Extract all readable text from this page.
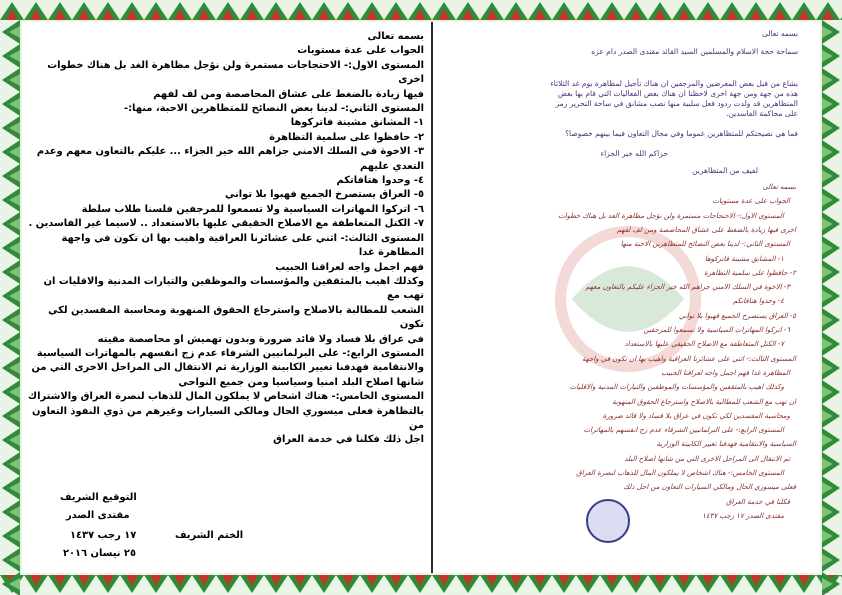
بسمه تعالى
سماحة حجة الاسلام والمسلمين السيد القائد مقتدى الصدر دام عزه
يشاع من قبل بعض المغرضين والمرجفين ان هناك تأجيل لمظاهرة يوم غد الثلاثاء
هذه من جهة ومن جهة اخرى لاحظنا ان هناك بعض الفعاليات التي قام بها بعض
المتظاهرين قد ولدت ردود فعل سلبية منها نصب مشانق في ساحة التحرير رمز
على محاكمة الفاسدين.
فما هي نصيحتكم للمتظاهرين عموما وفي مجال التعاون فيما بينهم خصوصا؟
جزاكم الله خير الجزاء
لفيف من المتظاهرين
بسمه تعالى
الجواب على عدة مستويات
المستوى الاول:- الاحتجاجات مستمرة ولن نؤجل مظاهرة الغد بل هناك خطوات
اخرى فيها زيادة بالضغط على عشاق المحاصصة ومن لف لفهم
المستوى الثاني:- لدينا بعض النصائح للمتظاهرين الاحبة منها
١- المشانق مشينة فاتركوها
٢- حافظوا على سلمية التظاهرة
٣- الاخوة في السلك الامني جزاهم الله خير الجزاء عليكم بالتعاون معهم
٤- وحدوا هتافاتكم
٥- العراق يستصرخ الجميع فهبوا بلا تواني
٦- اتركوا المهاترات السياسية ولا تسمعوا للمرجفين
٧- الكتل المتعاطفة مع الاصلاح الحقيقي عليها بالاستعداد
المستوى الثالث:- اثني على عشائرنا العراقية واهيب بها ان تكون في واجهة
المظاهرة غدا فهم اجمل واجه لعراقنا الحبيب
وكذلك اهيب بالمثقفين والمؤسسات والموظفين والتيارات المدنية والاقليات
ان تهب مع الشعب للمطالبة بالاصلاح واسترجاع الحقوق المنهوبة
ومحاسبة المفسدين لكي تكون في عراق بلا فساد ولا قائد ضرورة
المستوى الرابع:- على البرلمانيين الشرفاء عدم زج انفسهم بالمهاترات
السياسية والانتقامية فهدفنا تغيير الكابينة الوزارية
ثم الانتقال الى المراحل الاخرى التي من شانها اصلاح البلد
المستوى الخامس:- هناك اشخاص لا يملكون المال للذهاب لنصرة العراق
فعلى ميسوري الحال ومالكي السيارات التعاون من اجل ذلك
فكلنا في خدمة العراق
مقتدى الصدر ١٧ رجب ١٤٣٧

بسمه تعالى

الجواب على عدة مستويات

المستوى الاول:- الاحتجاجات مستمرة ولن نؤجل مظاهرة الغد بل هناك خطوات اخرى

فيها زيادة بالضغط على عشاق المحاصصة ومن لف لفهم

المستوى الثاني:- لدينا بعض النصائح للمتظاهرين الاحبة، منها:-

١- المشانق مشينة فاتركوها

٢- حافظوا على سلمية التظاهرة

٣- الاخوة في السلك الامني جزاهم الله خير الجزاء ... عليكم بالتعاون معهم وعدم

التعدي عليهم

٤- وحدوا هتافاتكم

٥- العراق يستصرخ الجميع فهبوا بلا تواني

٦- اتركوا المهاترات السياسية ولا تسمعوا للمرجفين فلسنا طلاب سلطة

٧- الكتل المتعاطفة مع الاصلاح الحقيقي عليها بالاستعداد .. لاسيما غير الفاسدين .

المستوى الثالث:- اثني على عشائرنا العراقية واهيب بها ان تكون في واجهة المظاهرة غدا

فهم اجمل واجه لعراقنا الحبيب

وكذلك اهيب بالمثقفين والمؤسسات والموظفين والتيارات المدنية والاقليات ان تهب مع

الشعب للمطالبة بالاصلاح واسترجاع الحقوق المنهوبة ومحاسبة المفسدين لكي تكون

في عراق بلا فساد ولا قائد ضرورة وبدون تهميش او محاصصة مقيته

المستوى الرابع:- على البرلمانيين الشرفاء عدم زج انفسهم بالمهاترات السياسية

والانتقامية فهدفنا تغيير الكابينة الوزارية ثم الانتقال الى المراحل الاخرى التي من

شانها اصلاح البلد امنيا وسياسيا ومن جميع النواحي

المستوى الخامس:- هناك اشخاص لا يملكون المال للذهاب لنصرة العراق والاشتراك

بالتظاهرة فعلى ميسوري الحال ومالكي السيارات وغيرهم من ذوي النفوذ التعاون من

اجل ذلك فكلنا في خدمة العراق

التوقيع الشريف
مقتدى الصدر
١٧ رجب ١٤٣٧
٢٥ نيسان ٢٠١٦
الختم الشريف
